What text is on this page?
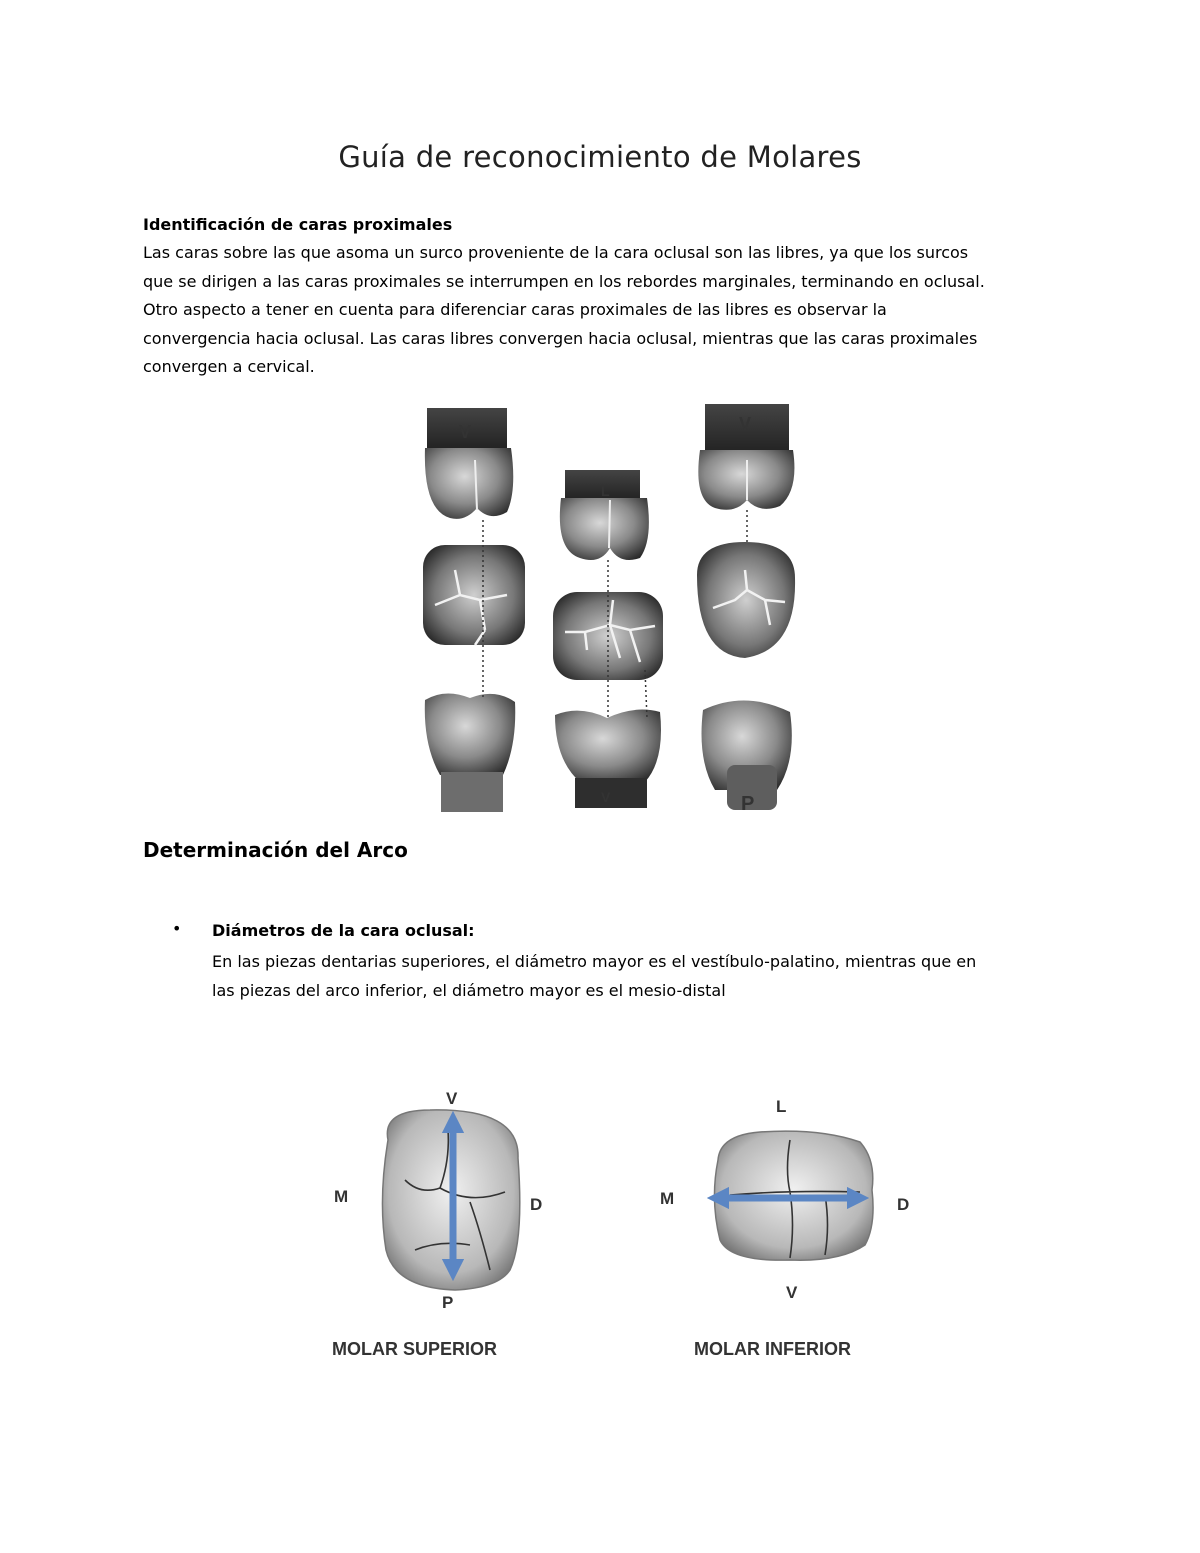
Guía de reconocimiento de Molares
Identificación de caras proximales
Las caras sobre las que asoma un surco proveniente de la cara oclusal son las libres, ya que los surcos
que se dirigen a las caras proximales se interrumpen en los rebordes marginales, terminando en oclusal.
Otro aspecto a tener en cuenta para diferenciar caras proximales de las libres es observar la
convergencia hacia oclusal. Las caras libres convergen hacia oclusal, mientras que las caras proximales
convergen a cervical.
V
L
V
V
P
Determinación del Arco
• Diámetros de la cara oclusal:
En las piezas dentarias superiores, el diámetro mayor es el vestíbulo-palatino, mientras que en
las piezas del arco inferior, el diámetro mayor es el mesio-distal
V
M	D
P
MOLAR SUPERIOR
L
M	D
V
MOLAR INFERIOR
